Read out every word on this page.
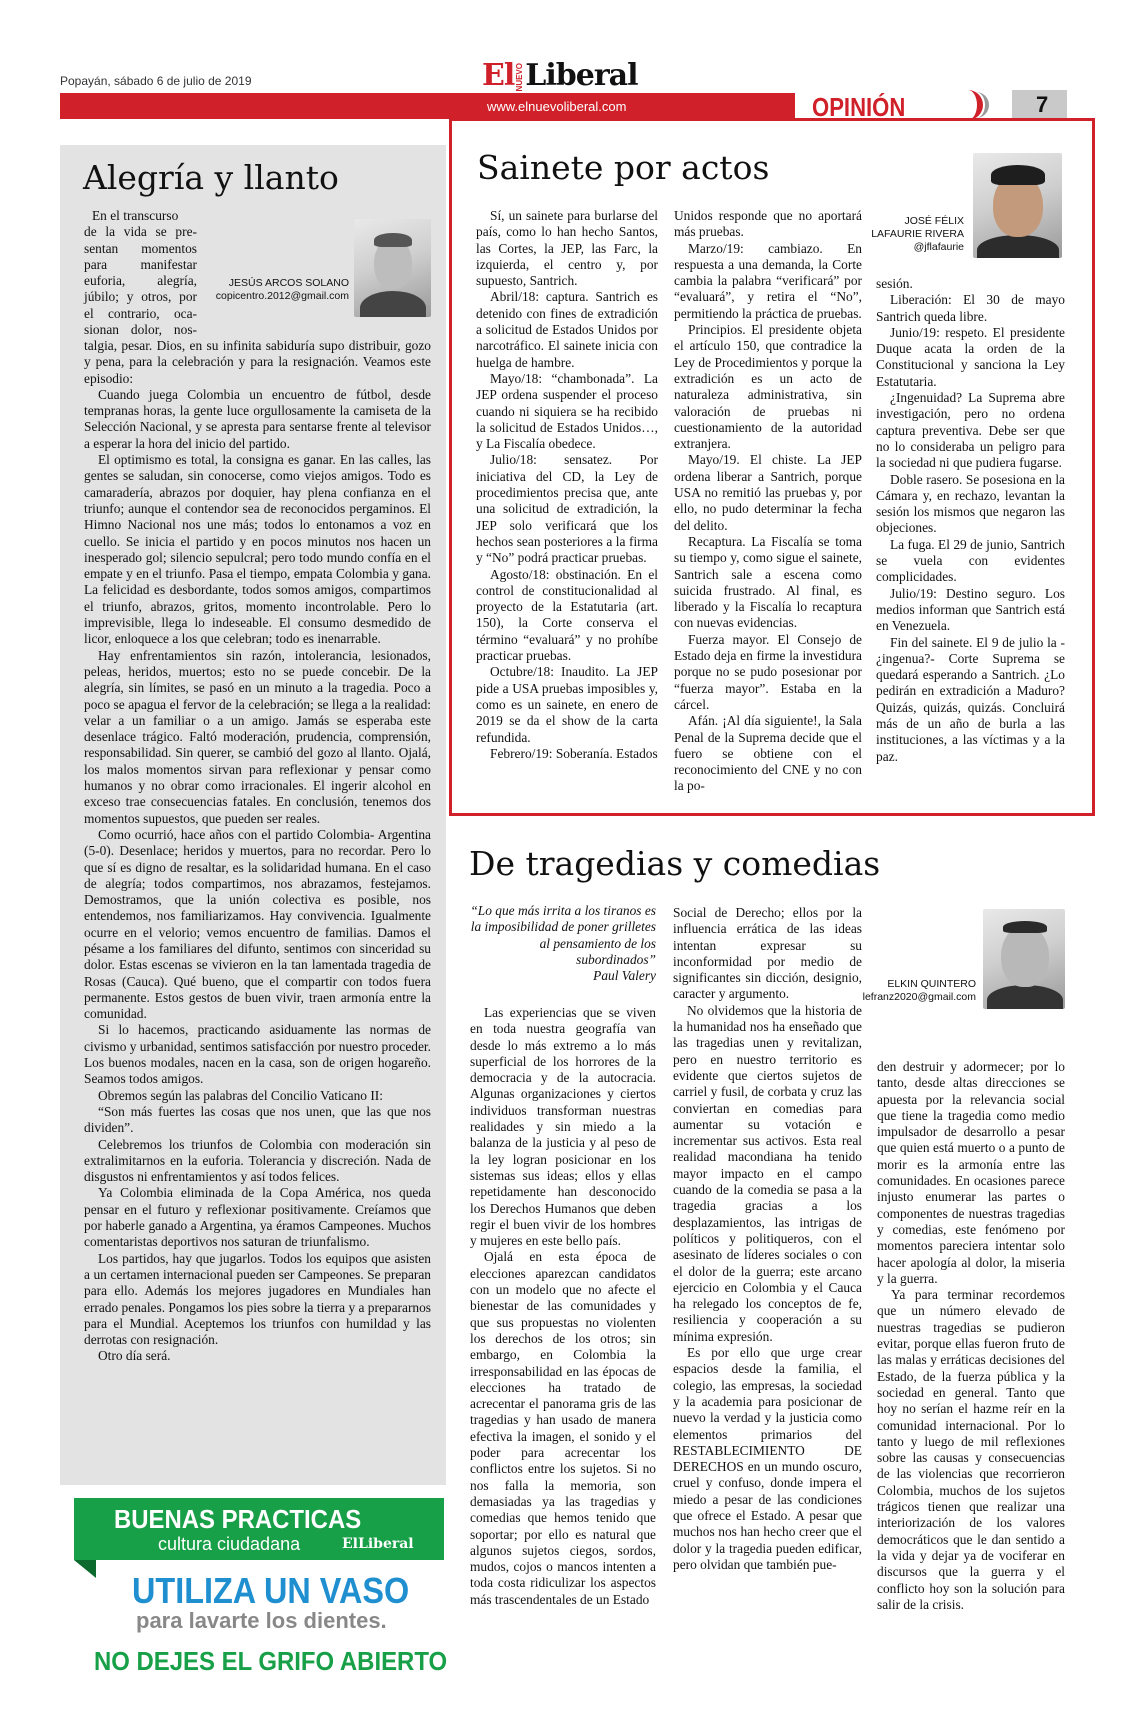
Popayán, sábado 6 de julio de 2019	ElNUEVOLiberal
www.elnuevoliberal.com	OPINIÓN	7
Alegría y llanto
En el transcurso
de la vida se pre-
sentan momentos
para manifestar
euforia, alegría,
júbilo; y otros, por
el contrario, oca-
sionan dolor, nos-
JESÚS ARCOS SOLANO
copicentro.2012@gmail.com

talgia, pesar. Dios, en su infinita sabiduría supo distribuir, gozo y pena, para la celebración y para la resignación. Veamos este episodio:

Cuando juega Colombia un encuentro de fútbol, desde tempranas horas, la gente luce orgullosamente la camiseta de la Selección Nacional, y se apresta para sentarse frente al televisor a esperar la hora del inicio del partido.

El optimismo es total, la consigna es ganar. En las calles, las gentes se saludan, sin conocerse, como viejos amigos. Todo es camaradería, abrazos por doquier, hay plena confianza en el triunfo; aunque el contendor sea de reconocidos pergaminos. El Himno Nacional nos une más; todos lo entonamos a voz en cuello. Se inicia el partido y en pocos minutos nos hacen un inesperado gol; silencio sepulcral; pero todo mundo confía en el empate y en el triunfo. Pasa el tiempo, empata Colombia y gana. La felicidad es desbordante, todos somos amigos, compartimos el triunfo, abrazos, gritos, momento incontrolable. Pero lo imprevisible, llega lo indeseable. El consumo desmedido de licor, enloquece a los que celebran; todo es inenarrable.

Hay enfrentamientos sin razón, intolerancia, lesionados, peleas, heridos, muertos; esto no se puede concebir. De la alegría, sin límites, se pasó en un minuto a la tragedia. Poco a poco se apagua el fervor de la celebración; se llega a la realidad: velar a un familiar o a un amigo. Jamás se esperaba este desenlace trágico. Faltó moderación, prudencia, comprensión, responsabilidad. Sin querer, se cambió del gozo al llanto. Ojalá, los malos momentos sirvan para reflexionar y pensar como humanos y no obrar como irracionales. El ingerir alcohol en exceso trae consecuencias fatales. En conclusión, tenemos dos momentos supuestos, que pueden ser reales.

Como ocurrió, hace años con el partido Colombia- Argentina (5-0). Desenlace; heridos y muertos, para no recordar. Pero lo que sí es digno de resaltar, es la solidaridad humana. En el caso de alegría; todos compartimos, nos abrazamos, festejamos. Demostramos, que la unión colectiva es posible, nos entendemos, nos familiarizamos. Hay convivencia. Igualmente ocurre en el velorio; vemos encuentro de familias. Damos el pésame a los familiares del difunto, sentimos con sinceridad su dolor. Estas escenas se vivieron en la tan lamentada tragedia de Rosas (Cauca). Qué bueno, que el compartir con todos fuera permanente. Estos gestos de buen vivir, traen armonía entre la comunidad.

Si lo hacemos, practicando asiduamente las normas de civismo y urbanidad, sentimos satisfacción por nuestro proceder. Los buenos modales, nacen en la casa, son de origen hogareño. Seamos todos amigos.

Obremos según las palabras del Concilio Vaticano II:

“Son más fuertes las cosas que nos unen, que las que nos dividen”.

Celebremos los triunfos de Colombia con moderación sin extralimitarnos en la euforia. Tolerancia y discreción. Nada de disgustos ni enfrentamientos y así todos felices.

Ya Colombia eliminada de la Copa América, nos queda pensar en el futuro y reflexionar positivamente. Creíamos que por haberle ganado a Argentina, ya éramos Campeones. Muchos comentaristas deportivos nos saturan de triunfalismo.

Los partidos, hay que jugarlos. Todos los equipos que asisten a un certamen internacional pueden ser Campeones. Se preparan para ello. Además los mejores jugadores en Mundiales han errado penales. Pongamos los pies sobre la tierra y a prepararnos para el Mundial. Aceptemos los triunfos con humildad y las derrotas con resignación.

Otro día será.

Sainete por actos
JOSÉ FÉLIX
LAFAURIE RIVERA
@jflafaurie

Sí, un sainete para burlarse del país, como lo han hecho Santos, las Cortes, la JEP, las Farc, la izquierda, el centro y, por supuesto, Santrich.

Abril/18: captura. Santrich es detenido con fines de extradición a solicitud de Estados Unidos por narcotráfico. El sainete inicia con huelga de hambre.

Mayo/18: “chambonada”. La JEP ordena suspender el proceso cuando ni siquiera se ha recibido la solicitud de Estados Unidos…, y La Fiscalía obedece.

Julio/18: sensatez. Por iniciativa del CD, la Ley de procedimientos precisa que, ante una solicitud de extradición, la JEP solo verificará que los hechos sean posteriores a la firma y “No” podrá practicar pruebas.

Agosto/18: obstinación. En el control de constitucionalidad al proyecto de la Estatutaria (art. 150), la Corte conserva el término “evaluará” y no prohíbe practicar pruebas.

Octubre/18: Inaudito. La JEP pide a USA pruebas imposibles y, como es un sainete, en enero de 2019 se da el show de la carta refundida.

Febrero/19: Soberanía. Estados

Unidos responde que no aportará más pruebas.

Marzo/19: cambiazo. En respuesta a una demanda, la Corte cambia la palabra “verificará” por “evaluará”, y retira el “No”, permitiendo la práctica de pruebas.

Principios. El presidente objeta el artículo 150, que contradice la Ley de Procedimientos y porque la extradición es un acto de naturaleza administrativa, sin valoración de pruebas ni cuestionamiento de la autoridad extranjera.

Mayo/19. El chiste. La JEP ordena liberar a Santrich, porque USA no remitió las pruebas y, por ello, no pudo determinar la fecha del delito.

Recaptura. La Fiscalía se toma su tiempo y, como sigue el sainete, Santrich sale a escena como suicida frustrado. Al final, es liberado y la Fiscalía lo recaptura con nuevas evidencias.

Fuerza mayor. El Consejo de Estado deja en firme la investidura porque no se pudo posesionar por “fuerza mayor”. Estaba en la cárcel.

Afán. ¡Al día siguiente!, la Sala Penal de la Suprema decide que el fuero se obtiene con el reconocimiento del CNE y no con la po-

sesión.

Liberación: El 30 de mayo Santrich queda libre.

Junio/19: respeto. El presidente Duque acata la orden de la Constitucional y sanciona la Ley Estatutaria.

¿Ingenuidad? La Suprema abre investigación, pero no ordena captura preventiva. Debe ser que no lo consideraba un peligro para la sociedad ni que pudiera fugarse.

Doble rasero. Se posesiona en la Cámara y, en rechazo, levantan la sesión los mismos que negaron las objeciones.

La fuga. El 29 de junio, Santrich se vuela con evidentes complicidades.

Julio/19: Destino seguro. Los medios informan que Santrich está en Venezuela.

Fin del sainete. El 9 de julio la -¿ingenua?- Corte Suprema se quedará esperando a Santrich. ¿Lo pedirán en extradición a Maduro? Quizás, quizás, quizás. Concluirá más de un año de burla a las instituciones, a las víctimas y a la paz.

De tragedias y comedias
“Lo que más irrita a los tiranos es la imposibilidad de poner grilletes al pensamiento de los subordinados”
Paul Valery
ELKIN QUINTERO
lefranz2020@gmail.com

Las experiencias que se viven en toda nuestra geografía van desde lo más extremo a lo más superficial de los horrores de la democracia y de la autocracia. Algunas organizaciones y ciertos individuos transforman nuestras realidades y sin miedo a la balanza de la justicia y al peso de la ley logran posicionar en los sistemas sus ideas; ellos y ellas repetidamente han desconocido los Derechos Humanos que deben regir el buen vivir de los hombres y mujeres en este bello país.

Ojalá en esta época de elecciones aparezcan candidatos con un modelo que no afecte el bienestar de las comunidades y que sus propuestas no violenten los derechos de los otros; sin embargo, en Colombia la irresponsabilidad en las épocas de elecciones ha tratado de acrecentar el panorama gris de las tragedias y han usado de manera efectiva la imagen, el sonido y el poder para acrecentar los conflictos entre los sujetos. Si no nos falla la memoria, son demasiadas ya las tragedias y comedias que hemos tenido que soportar; por ello es natural que algunos sujetos ciegos, sordos, mudos, cojos o mancos intenten a toda costa ridiculizar los aspectos más trascendentales de un Estado

Social de Derecho; ellos por la influencia errática de las ideas intentan expresar su inconformidad por medio de significantes sin dicción, designio, caracter y argumento.

No olvidemos que la historia de la humanidad nos ha enseñado que las tragedias unen y revitalizan, pero en nuestro territorio es evidente que ciertos sujetos de carriel y fusil, de corbata y cruz las conviertan en comedias para aumentar su votación e incrementar sus activos. Esta real realidad macondiana ha tenido mayor impacto en el campo cuando de la comedia se pasa a la tragedia gracias a los desplazamientos, las intrigas de políticos y politiqueros, con el asesinato de líderes sociales o con el dolor de la guerra; este arcano ejercicio en Colombia y el Cauca ha relegado los conceptos de fe, resiliencia y cooperación a su mínima expresión.

Es por ello que urge crear espacios desde la familia, el colegio, las empresas, la sociedad y la academia para posicionar de nuevo la verdad y la justicia como elementos primarios del RESTABLECIMIENTO DE DERECHOS en un mundo oscuro, cruel y confuso, donde impera el miedo a pesar de las condiciones que ofrece el Estado. A pesar que muchos nos han hecho creer que el dolor y la tragedia pueden edificar, pero olvidan que también pue-

den destruir y adormecer; por lo tanto, desde altas direcciones se apuesta por la relevancia social que tiene la tragedia como medio impulsador de desarrollo a pesar que quien está muerto o a punto de morir es la armonía entre las comunidades. En ocasiones parece injusto enumerar las partes o componentes de nuestras tragedias y comedias, este fenómeno por momentos pareciera intentar solo hacer apología al dolor, la miseria y la guerra.

Ya para terminar recordemos que un número elevado de nuestras tragedias se pudieron evitar, porque ellas fueron fruto de las malas y erráticas decisiones del Estado, de la fuerza pública y la sociedad en general. Tanto que hoy no serían el hazme reír en la comunidad internacional. Por lo tanto y luego de mil reflexiones sobre las causas y consecuencias de las violencias que recorrieron Colombia, muchos de los sujetos trágicos tienen que realizar una interiorización de los valores democráticos que le dan sentido a la vida y dejar ya de vociferar en discursos que la guerra y el conflicto hoy son la solución para salir de la crisis.

BUENAS PRACTICAS
cultura ciudadana	ElLiberal
UTILIZA UN VASO
para lavarte los dientes.
NO DEJES EL GRIFO ABIERTO
